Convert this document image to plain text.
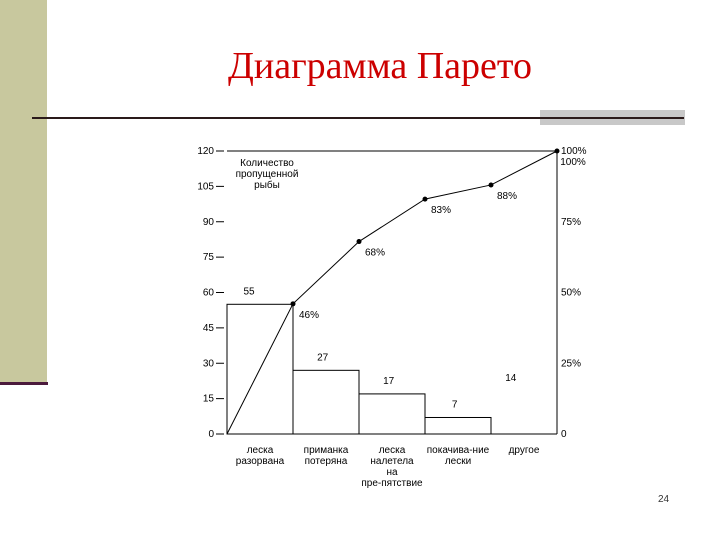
Диаграмма Парето
0
15
30
45
60
75
90
105
120
0
25%
50%
75%
100%
Количество пропущенной рыбы
55
27
17
7
14
леска разорвана
приманка потеряна
леска налетела на пре-пятствие
покачива-ние лески
другое
46%
68%
83%
88%
100%
24
